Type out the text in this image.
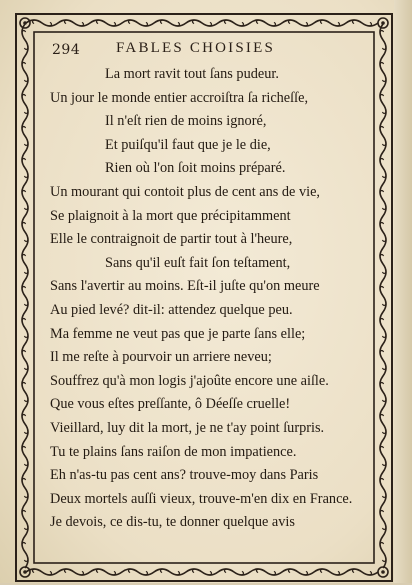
294 FABLES CHOISIES
La mort ravit tout ſans pudeur.
Un jour le monde entier accroiſtra ſa richeſſe,
Il n'eſt rien de moins ignoré,
Et puiſqu'il faut que je le die,
Rien où l'on ſoit moins préparé.
Un mourant qui contoit plus de cent ans de vie,
Se plaignoit à la mort que précipitamment
Elle le contraignoit de partir tout à l'heure,
Sans qu'il euſt fait ſon teſtament,
Sans l'avertir au moins. Eſt-il juſte qu'on meure
Au pied levé? dit-il: attendez quelque peu.
Ma femme ne veut pas que je parte ſans elle;
Il me reſte à pourvoir un arriere neveu;
Souffrez qu'à mon logis j'ajoûte encore une aiſle.
Que vous eſtes preſſante, ô Déeſſe cruelle!
Vieillard, luy dit la mort, je ne t'ay point ſurpris.
Tu te plains ſans raiſon de mon impatience.
Eh n'as-tu pas cent ans? trouve-moy dans Paris
Deux mortels auſſi vieux, trouve-m'en dix en France.
Je devois, ce dis-tu, te donner quelque avis
